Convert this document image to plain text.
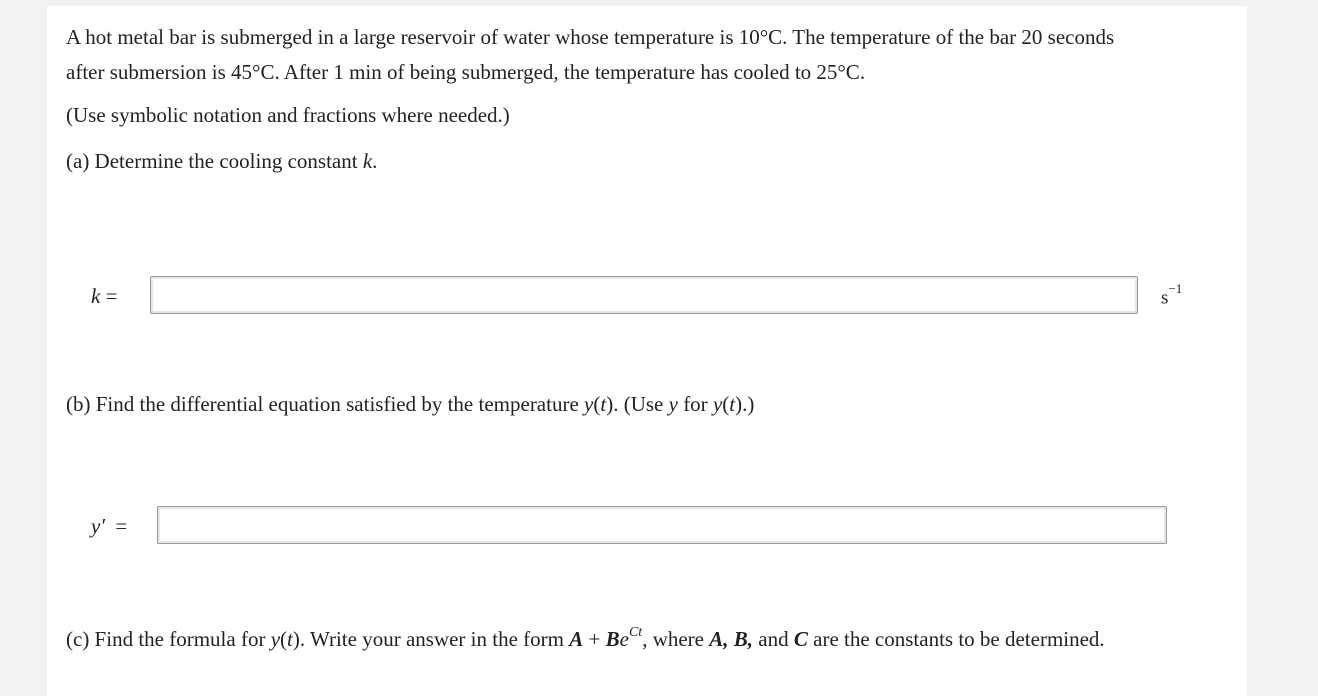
A hot metal bar is submerged in a large reservoir of water whose temperature is 10°C. The temperature of the bar 20 seconds
after submersion is 45°C. After 1 min of being submerged, the temperature has cooled to 25°C.
(Use symbolic notation and fractions where needed.)
(a) Determine the cooling constant k.
k =	$s^{-1}$
(b) Find the differential equation satisfied by the temperature y(t). (Use y for y(t).)
y′ =
(c) Find the formula for y(t). Write your answer in the form $A + Be^{Ct}$, where A, B, and C are the constants to be determined.
